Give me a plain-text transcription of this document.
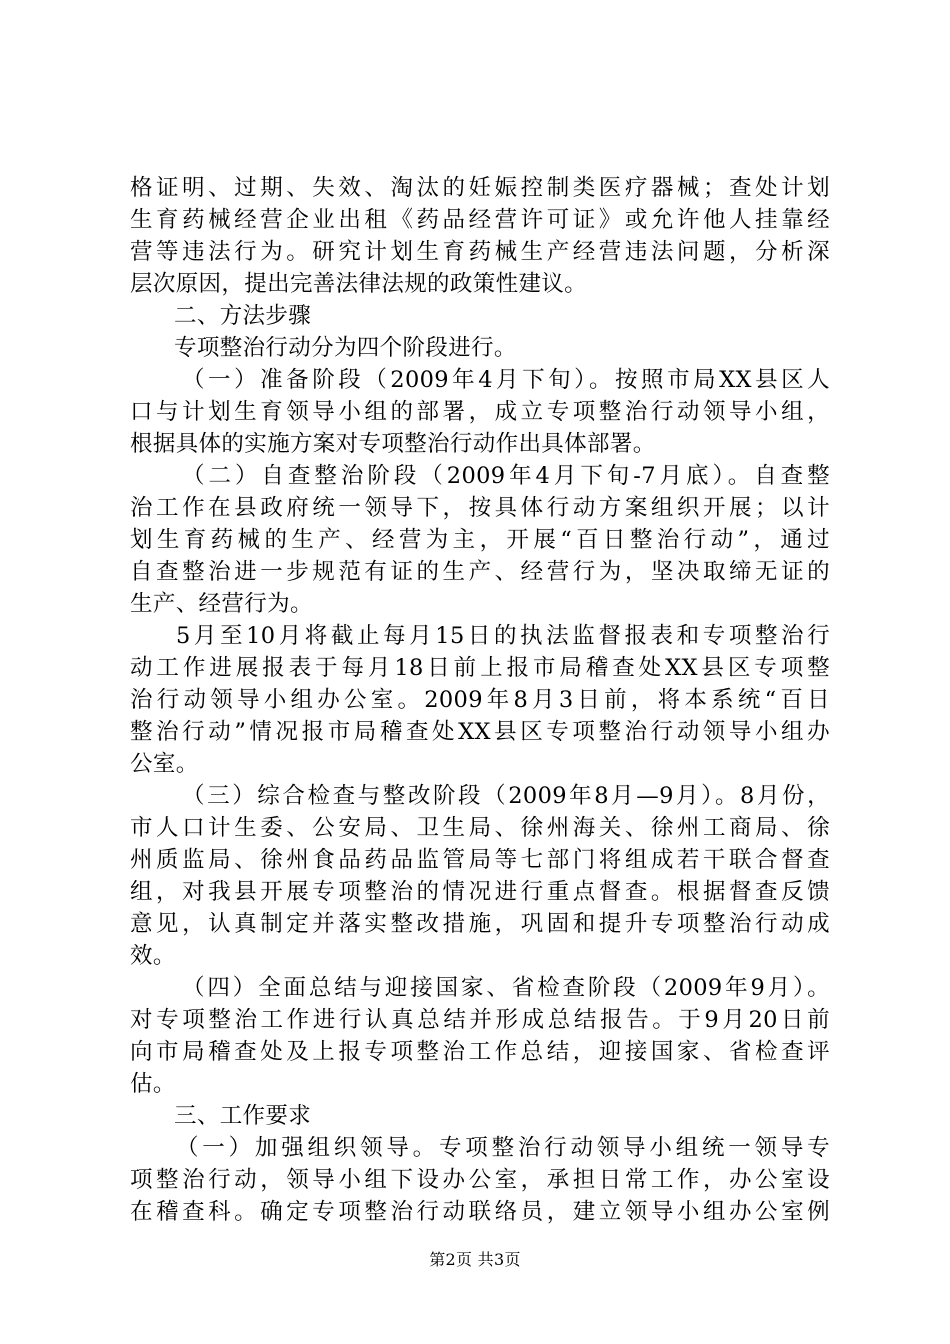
格证明、过期、失效、淘汰的妊娠控制类医疗器械；查处计划
生育药械经营企业出租《药品经营许可证》或允许他人挂靠经
营等违法行为。研究计划生育药械生产经营违法问题，分析深
层次原因，提出完善法律法规的政策性建议。
二、方法步骤
专项整治行动分为四个阶段进行。
（一）准备阶段（2009年4月下旬）。按照市局XX县区人
口与计划生育领导小组的部署，成立专项整治行动领导小组，
根据具体的实施方案对专项整治行动作出具体部署。
（二）自查整治阶段（2009年4月下旬-7月底）。自查整
治工作在县政府统一领导下，按具体行动方案组织开展；以计
划生育药械的生产、经营为主，开展“百日整治行动”，通过
自查整治进一步规范有证的生产、经营行为，坚决取缔无证的
生产、经营行为。
5月至10月将截止每月15日的执法监督报表和专项整治行
动工作进展报表于每月18日前上报市局稽查处XX县区专项整
治行动领导小组办公室。2009年8月3日前，将本系统“百日
整治行动”情况报市局稽查处XX县区专项整治行动领导小组办
公室。
（三）综合检查与整改阶段（2009年8月—9月）。8月份，
市人口计生委、公安局、卫生局、徐州海关、徐州工商局、徐
州质监局、徐州食品药品监管局等七部门将组成若干联合督查
组，对我县开展专项整治的情况进行重点督查。根据督查反馈
意见，认真制定并落实整改措施，巩固和提升专项整治行动成
效。
（四）全面总结与迎接国家、省检查阶段（2009年9月）。
对专项整治工作进行认真总结并形成总结报告。于9月20日前
向市局稽查处及上报专项整治工作总结，迎接国家、省检查评
估。
三、工作要求
（一）加强组织领导。专项整治行动领导小组统一领导专
项整治行动，领导小组下设办公室，承担日常工作，办公室设
在稽查科。确定专项整治行动联络员，建立领导小组办公室例
第2页 共3页
